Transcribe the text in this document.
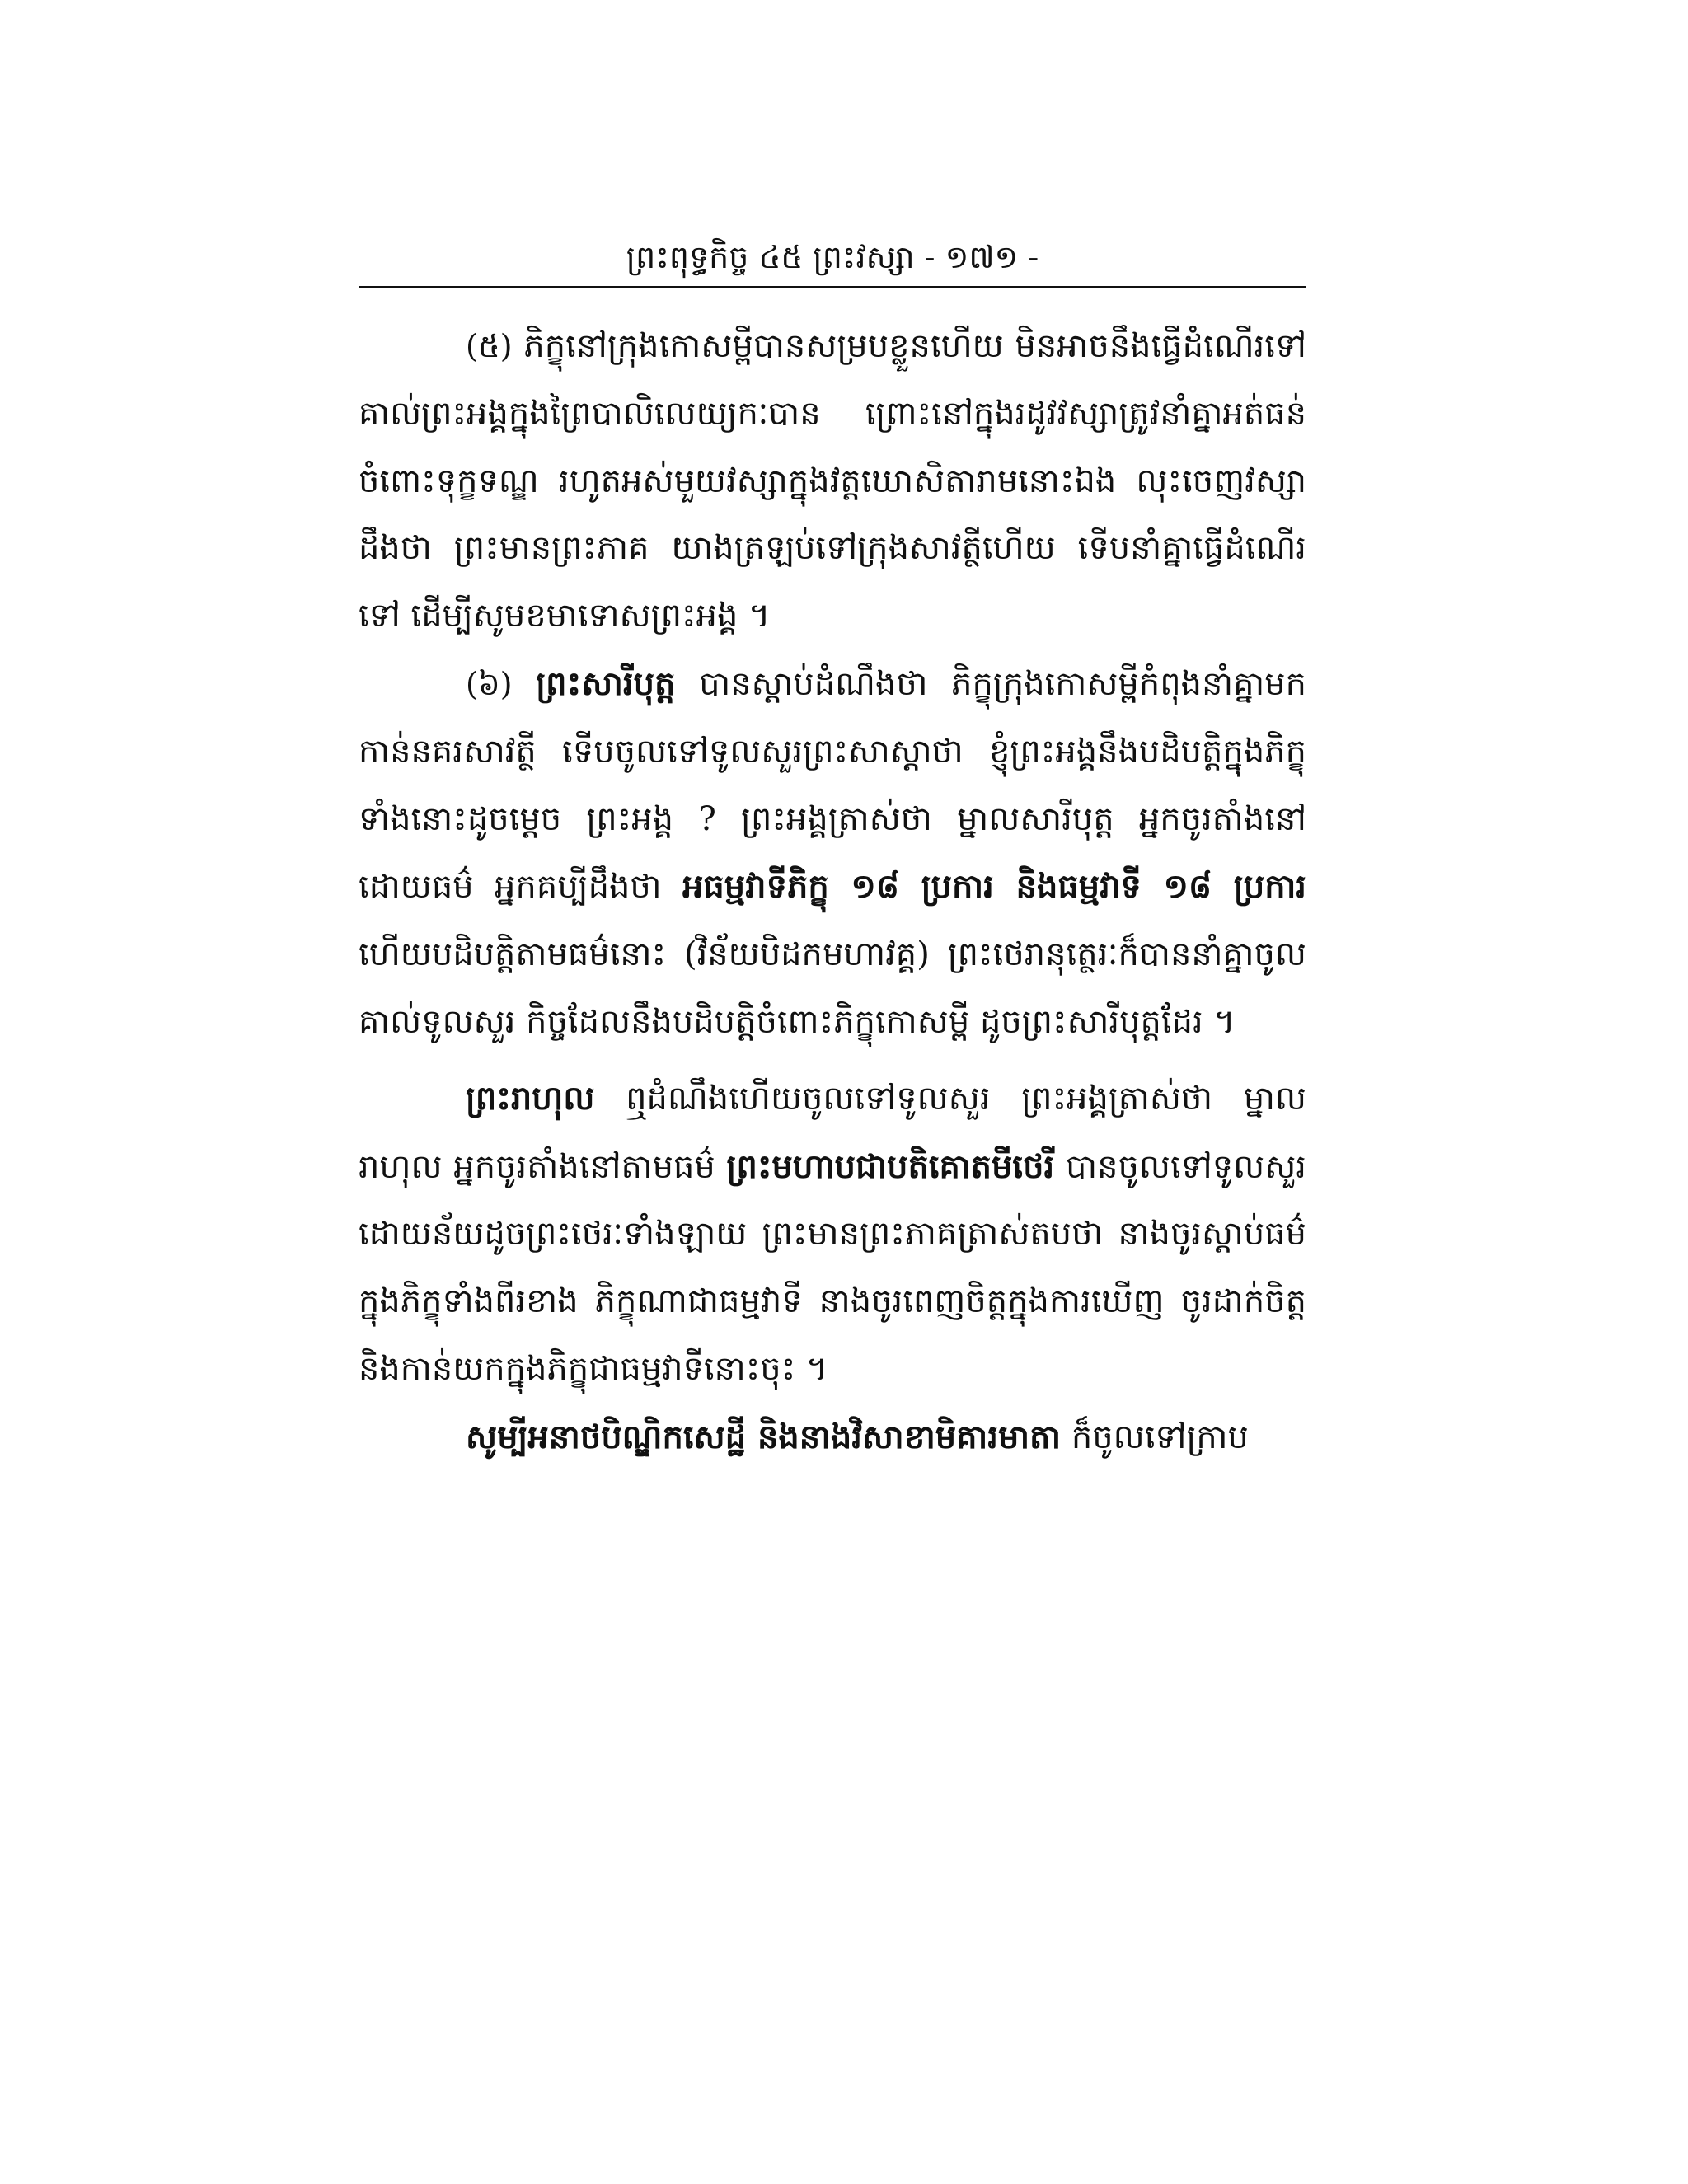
ព្រះពុទ្ធកិច្ច ៤៥ ព្រះវស្សា - ១៧១ -

(៥) ភិក្ខុនៅក្រុងកោសម្ពីបានសម្របខ្លួនហើយ មិនអាចនឹងធ្វើដំណើរទៅគាល់ព្រះអង្គក្នុងព្រៃបាលិលេយ្យកៈបាន ព្រោះនៅក្នុងរដូវវស្សាត្រូវនាំគ្នាអត់ធន់ចំពោះទុក្ខទណ្ឌ រហូតអស់មួយវស្សាក្នុងវត្តឃោសិតារាមនោះឯង លុះចេញវស្សាដឹងថា ព្រះមានព្រះភាគ យាងត្រឡប់ទៅក្រុងសាវត្ថីហើយ ទើបនាំគ្នាធ្វើដំណើរទៅ ដើម្បីសូមខមាទោសព្រះអង្គ ។

(៦) ព្រះសារីបុត្ត បានស្តាប់ដំណឹងថា ភិក្ខុក្រុងកោសម្ពីកំពុងនាំគ្នាមកកាន់នគរសាវត្ថី ទើបចូលទៅទូលសួរព្រះសាស្តាថា ខ្ញុំព្រះអង្គនឹងបដិបត្តិក្នុងភិក្ខុទាំងនោះដូចម្តេច ព្រះអង្គ ? ព្រះអង្គត្រាស់ថា ម្នាលសារីបុត្ត អ្នកចូរតាំងនៅដោយធម៌ អ្នកគប្បីដឹងថា អធម្មវាទីភិក្ខុ ១៨ ប្រការ និងធម្មវាទី ១៨ ប្រការ ហើយបដិបត្តិតាមធម៌នោះ (វិន័យបិដកមហាវគ្គ) ព្រះថេរានុត្ថេរៈក៏បាននាំគ្នាចូលគាល់ទូលសួរ កិច្ចដែលនឹងបដិបត្តិចំពោះភិក្ខុកោសម្ពី ដូចព្រះសារីបុត្តដែរ ។

ព្រះរាហុល ឮដំណឹងហើយចូលទៅទូលសួរ ព្រះអង្គត្រាស់ថា ម្នាលរាហុល អ្នកចូរតាំងនៅតាមធម៌ ព្រះមហាបជាបតិគោតមីថេរី បានចូលទៅទូលសួរដោយន័យដូចព្រះថេរៈទាំងឡាយ ព្រះមានព្រះភាគត្រាស់តបថា នាងចូរស្តាប់ធម៌ក្នុងភិក្ខុទាំងពីរខាង ភិក្ខុណាជាធម្មវាទី នាងចូរពេញចិត្តក្នុងការឃើញ ចូរដាក់ចិត្ត និងកាន់យកក្នុងភិក្ខុជាធម្មវាទីនោះចុះ ។

សូម្បីអនាថបិណ្ឌិកសេដ្ឋី និងនាងវិសាខាមិគារមាតា ក៏ចូលទៅក្រាប
